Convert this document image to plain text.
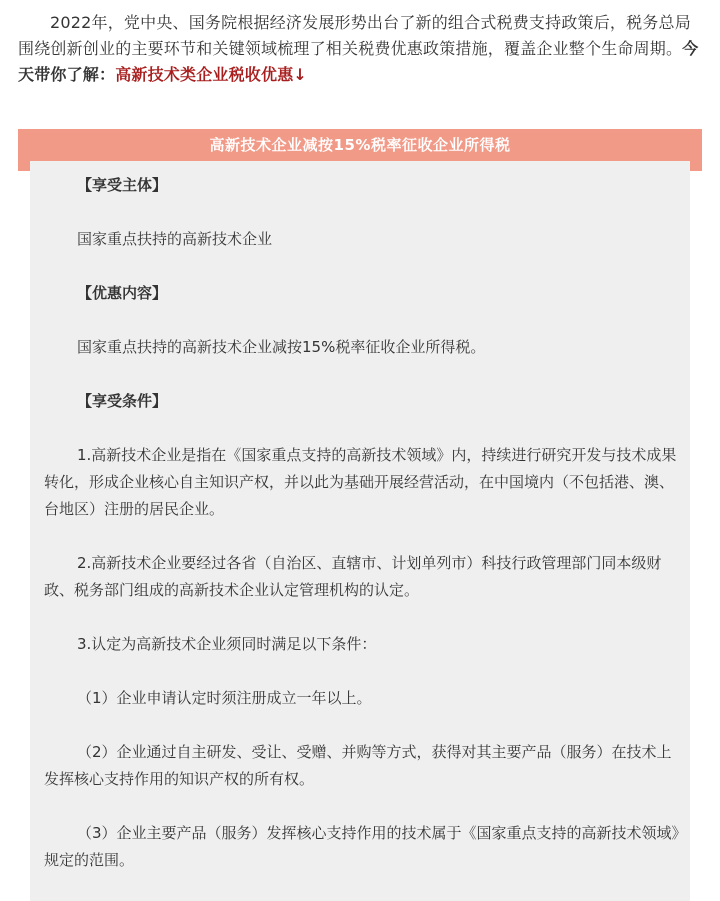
2022年，党中央、国务院根据经济发展形势出台了新的组合式税费支持政策后，税务总局围绕创新创业的主要环节和关键领域梳理了相关税费优惠政策措施，覆盖企业整个生命周期。今天带你了解：高新技术类企业税收优惠↓

高新技术企业减按15%税率征收企业所得税

【享受主体】

国家重点扶持的高新技术企业

【优惠内容】

国家重点扶持的高新技术企业减按15%税率征收企业所得税。

【享受条件】

1.高新技术企业是指在《国家重点支持的高新技术领域》内，持续进行研究开发与技术成果转化，形成企业核心自主知识产权，并以此为基础开展经营活动，在中国境内（不包括港、澳、台地区）注册的居民企业。

2.高新技术企业要经过各省（自治区、直辖市、计划单列市）科技行政管理部门同本级财政、税务部门组成的高新技术企业认定管理机构的认定。

3.认定为高新技术企业须同时满足以下条件：

（1）企业申请认定时须注册成立一年以上。

（2）企业通过自主研发、受让、受赠、并购等方式，获得对其主要产品（服务）在技术上发挥核心支持作用的知识产权的所有权。

（3）企业主要产品（服务）发挥核心支持作用的技术属于《国家重点支持的高新技术领域》规定的范围。
